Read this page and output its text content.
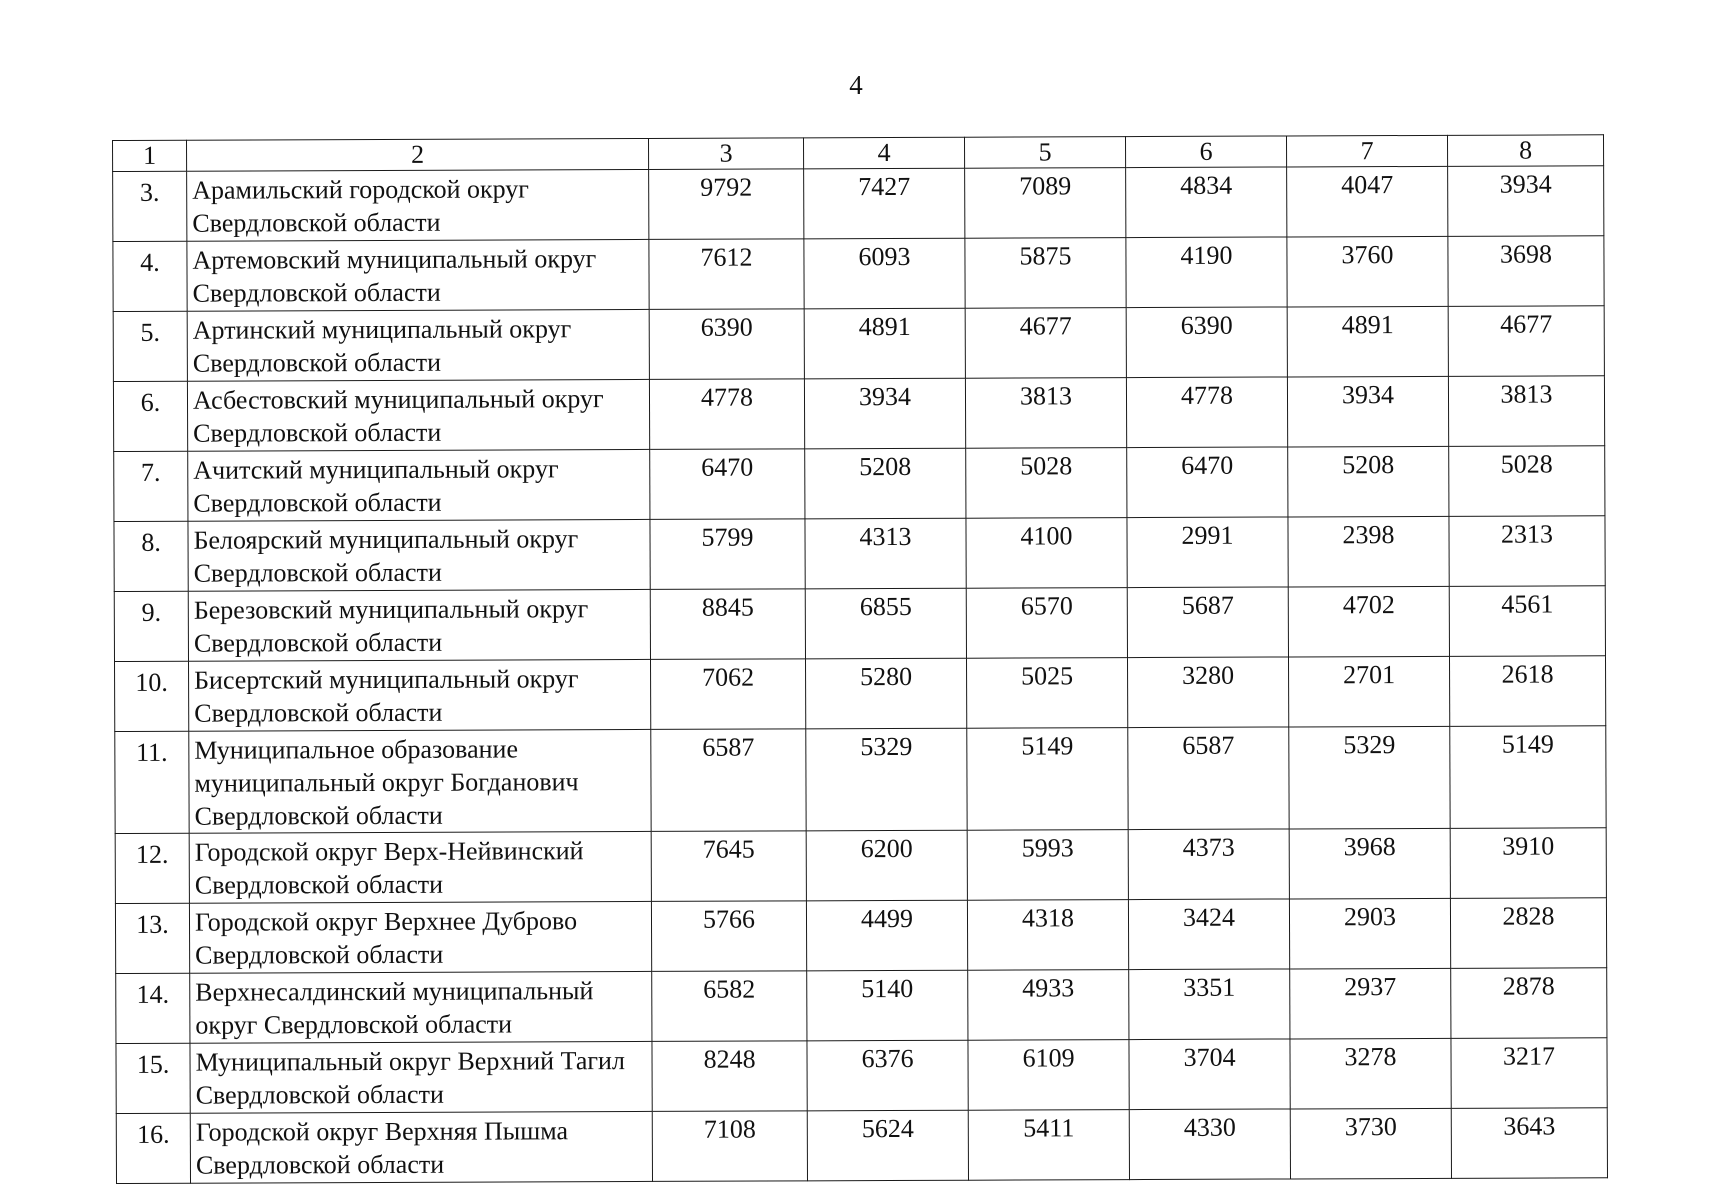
4
1	2	3	4	5	6	7	8
3.	Арамильский городской округ Свердловской области	9792	7427	7089	4834	4047	3934
4.	Артемовский муниципальный округ Свердловской области	7612	6093	5875	4190	3760	3698
5.	Артинский муниципальный округ Свердловской области	6390	4891	4677	6390	4891	4677
6.	Асбестовский муниципальный округ Свердловской области	4778	3934	3813	4778	3934	3813
7.	Ачитский муниципальный округ Свердловской области	6470	5208	5028	6470	5208	5028
8.	Белоярский муниципальный округ Свердловской области	5799	4313	4100	2991	2398	2313
9.	Березовский муниципальный округ Свердловской области	8845	6855	6570	5687	4702	4561
10.	Бисертский муниципальный округ Свердловской области	7062	5280	5025	3280	2701	2618
11.	Муниципальное образование муниципальный округ Богданович Свердловской области	6587	5329	5149	6587	5329	5149
12.	Городской округ Верх-Нейвинский Свердловской области	7645	6200	5993	4373	3968	3910
13.	Городской округ Верхнее Дуброво Свердловской области	5766	4499	4318	3424	2903	2828
14.	Верхнесалдинский муниципальный округ Свердловской области	6582	5140	4933	3351	2937	2878
15.	Муниципальный округ Верхний Тагил Свердловской области	8248	6376	6109	3704	3278	3217
16.	Городской округ Верхняя Пышма Свердловской области	7108	5624	5411	4330	3730	3643
